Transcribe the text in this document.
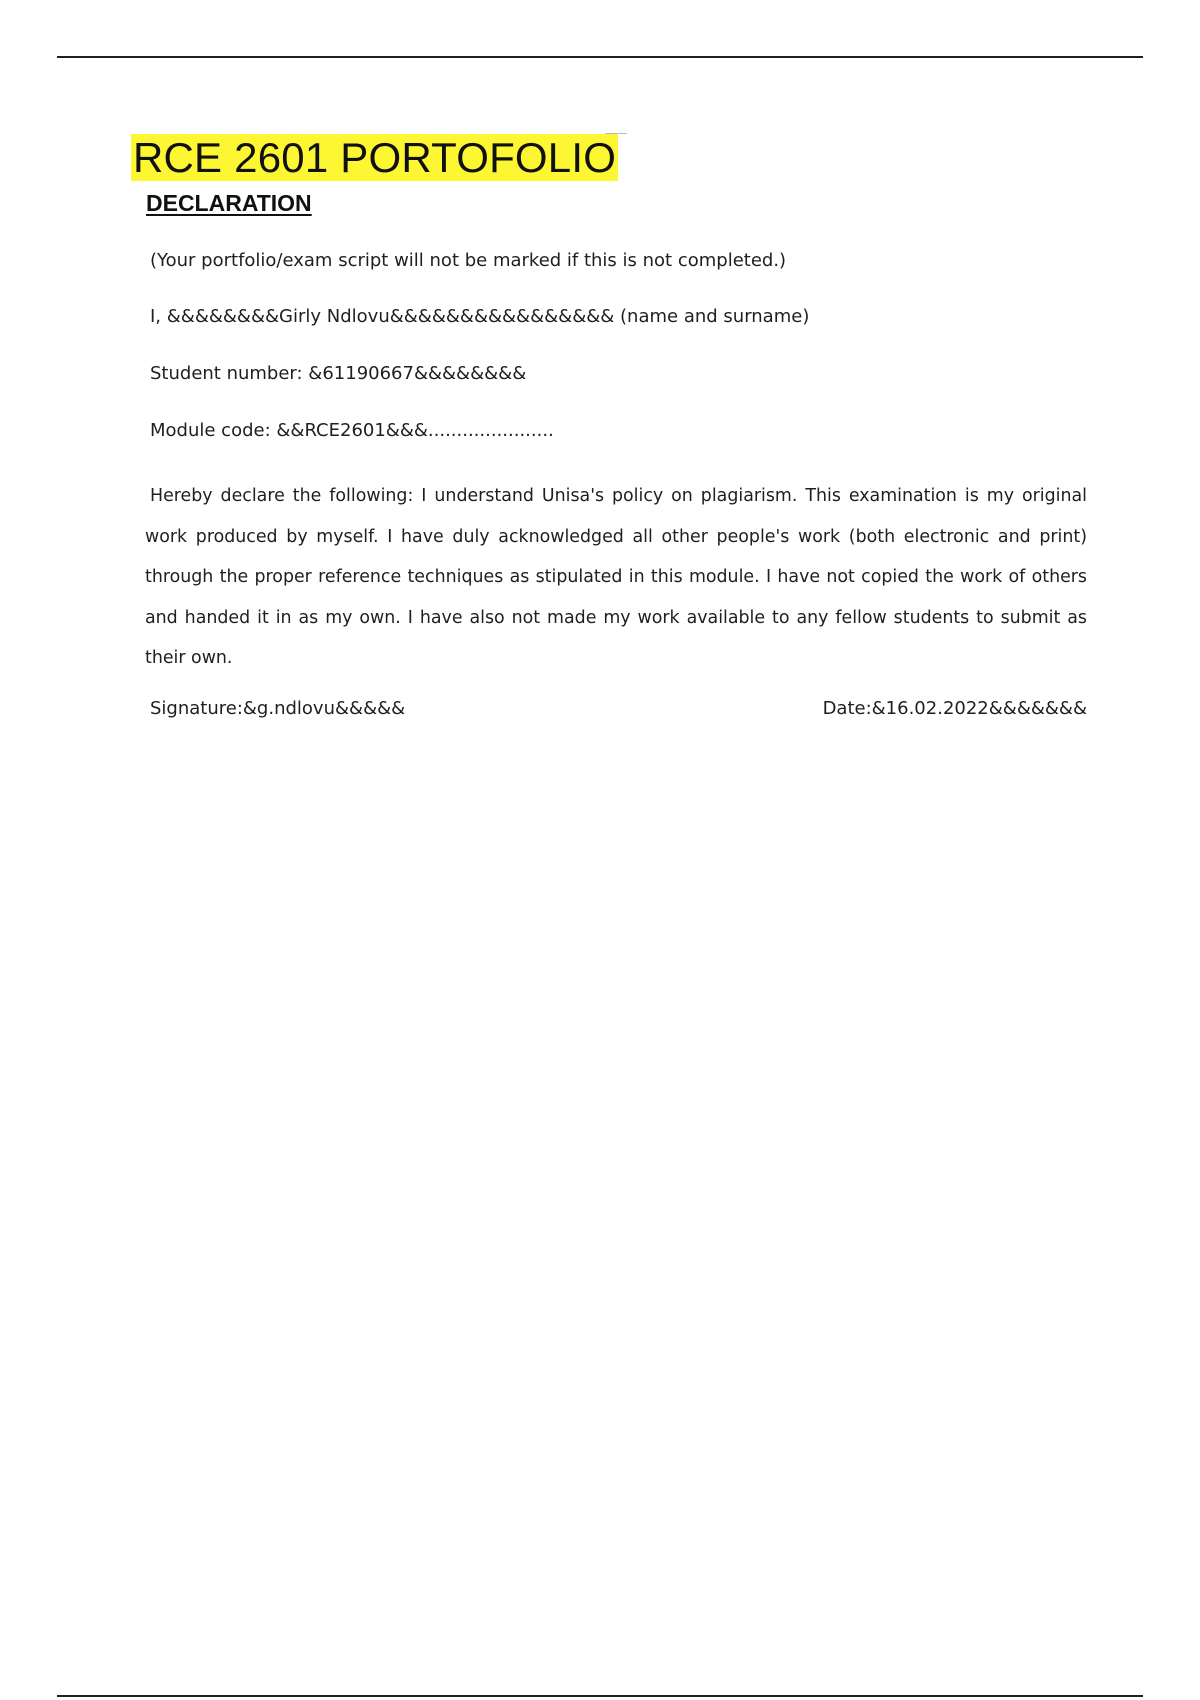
RCE 2601 PORTOFOLIO
DECLARATION

(Your portfolio/exam script will not be marked if this is not completed.)

I, &&&&&&&&Girly Ndlovu&&&&&&&&&&&&&&&& (name and surname)

Student number: &61190667&&&&&&&&

Module code: &&RCE2601&&&......................

Hereby declare the following: I understand Unisa's policy on plagiarism. This examination is my original work produced by myself. I have duly acknowledged all other people's work (both electronic and print) through the proper reference techniques as stipulated in this module. I have not copied the work of others and handed it in as my own. I have also not made my work available to any fellow students to submit as their own.

Signature:&g.ndlovu&&&&&	Date:&16.02.2022&&&&&&&
